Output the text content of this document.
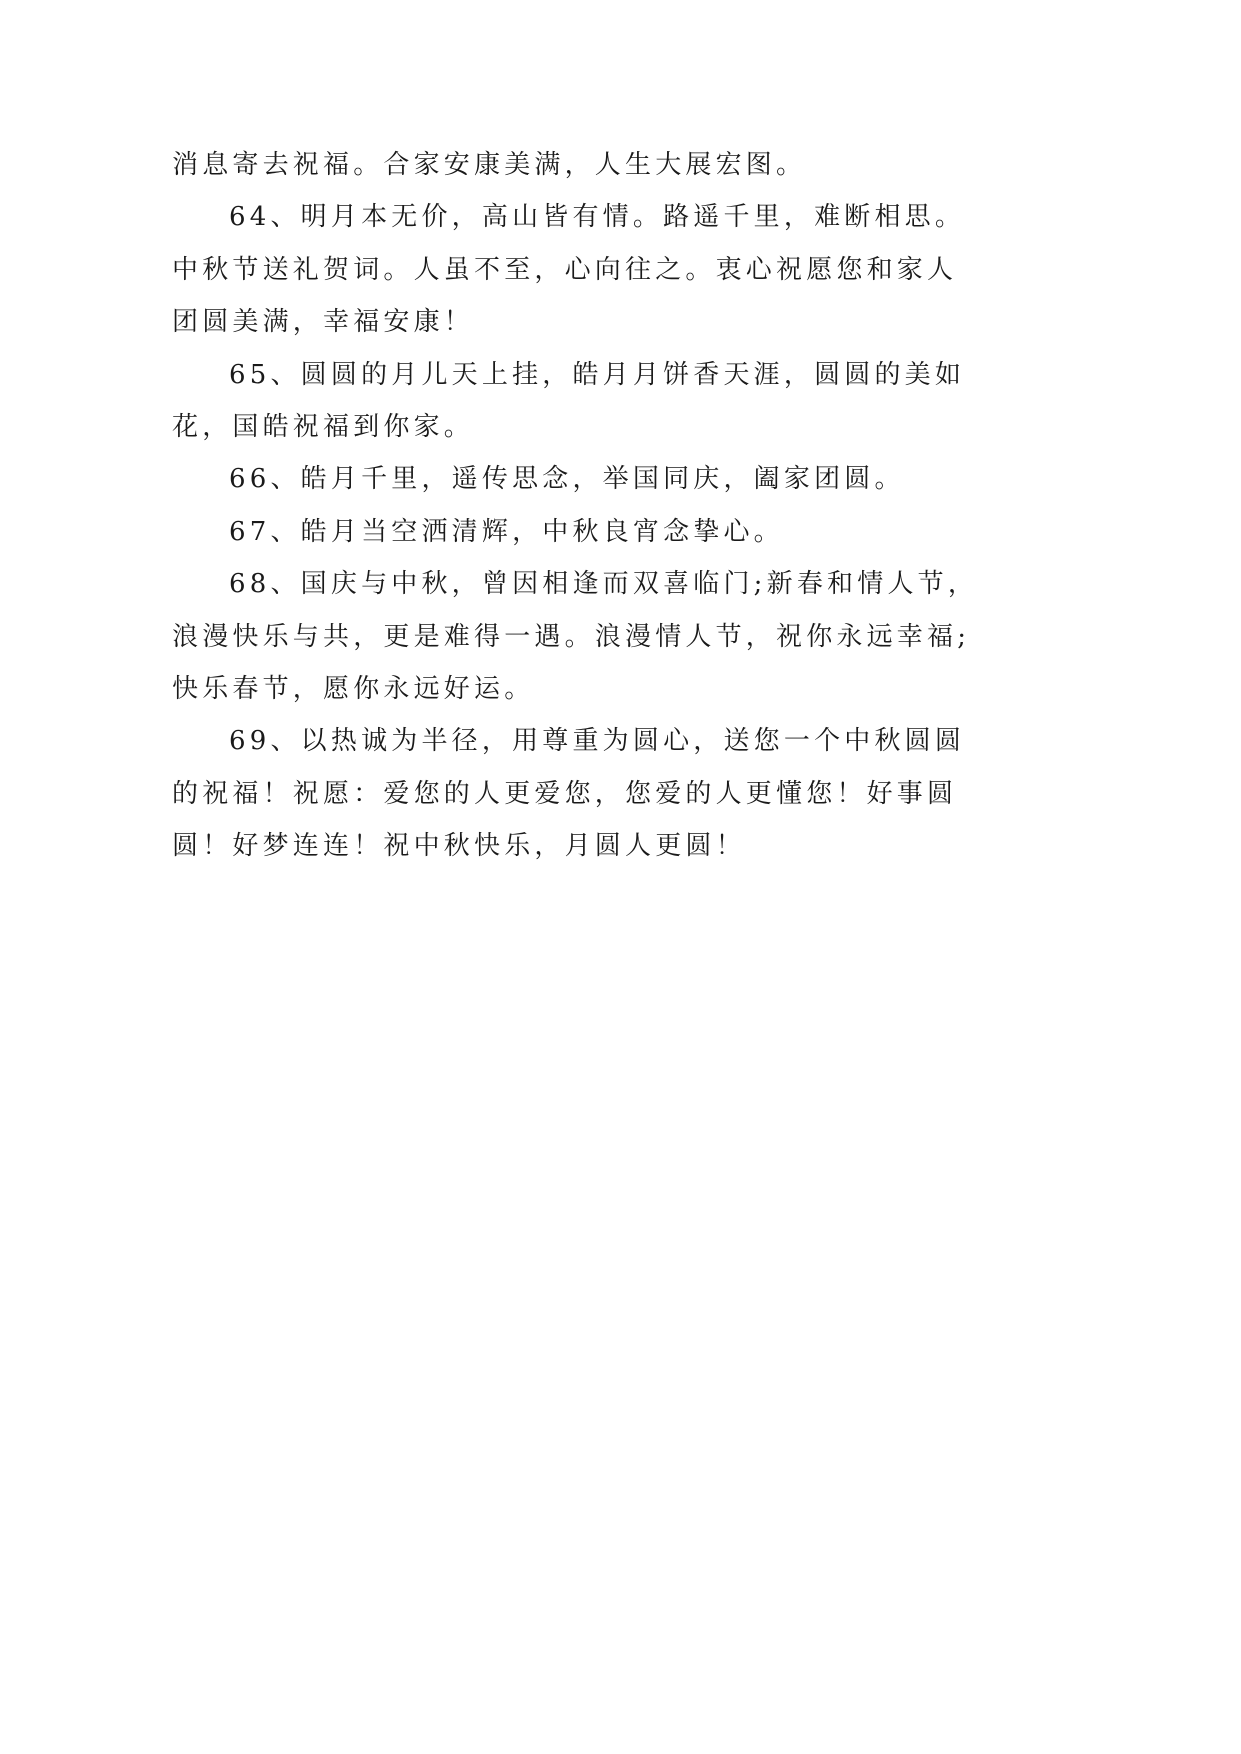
消息寄去祝福。合家安康美满，人生大展宏图。
64、明月本无价，高山皆有情。路遥千里，难断相思。
中秋节送礼贺词。人虽不至，心向往之。衷心祝愿您和家人
团圆美满，幸福安康！
65、圆圆的月儿天上挂，皓月月饼香天涯，圆圆的美如
花，国皓祝福到你家。
66、皓月千里，遥传思念，举国同庆，阖家团圆。
67、皓月当空洒清辉，中秋良宵念挚心。
68、国庆与中秋，曾因相逢而双喜临门;新春和情人节，
浪漫快乐与共，更是难得一遇。浪漫情人节，祝你永远幸福;
快乐春节，愿你永远好运。
69、以热诚为半径，用尊重为圆心，送您一个中秋圆圆
的祝福！祝愿：爱您的人更爱您，您爱的人更懂您！好事圆
圆！好梦连连！祝中秋快乐，月圆人更圆！
